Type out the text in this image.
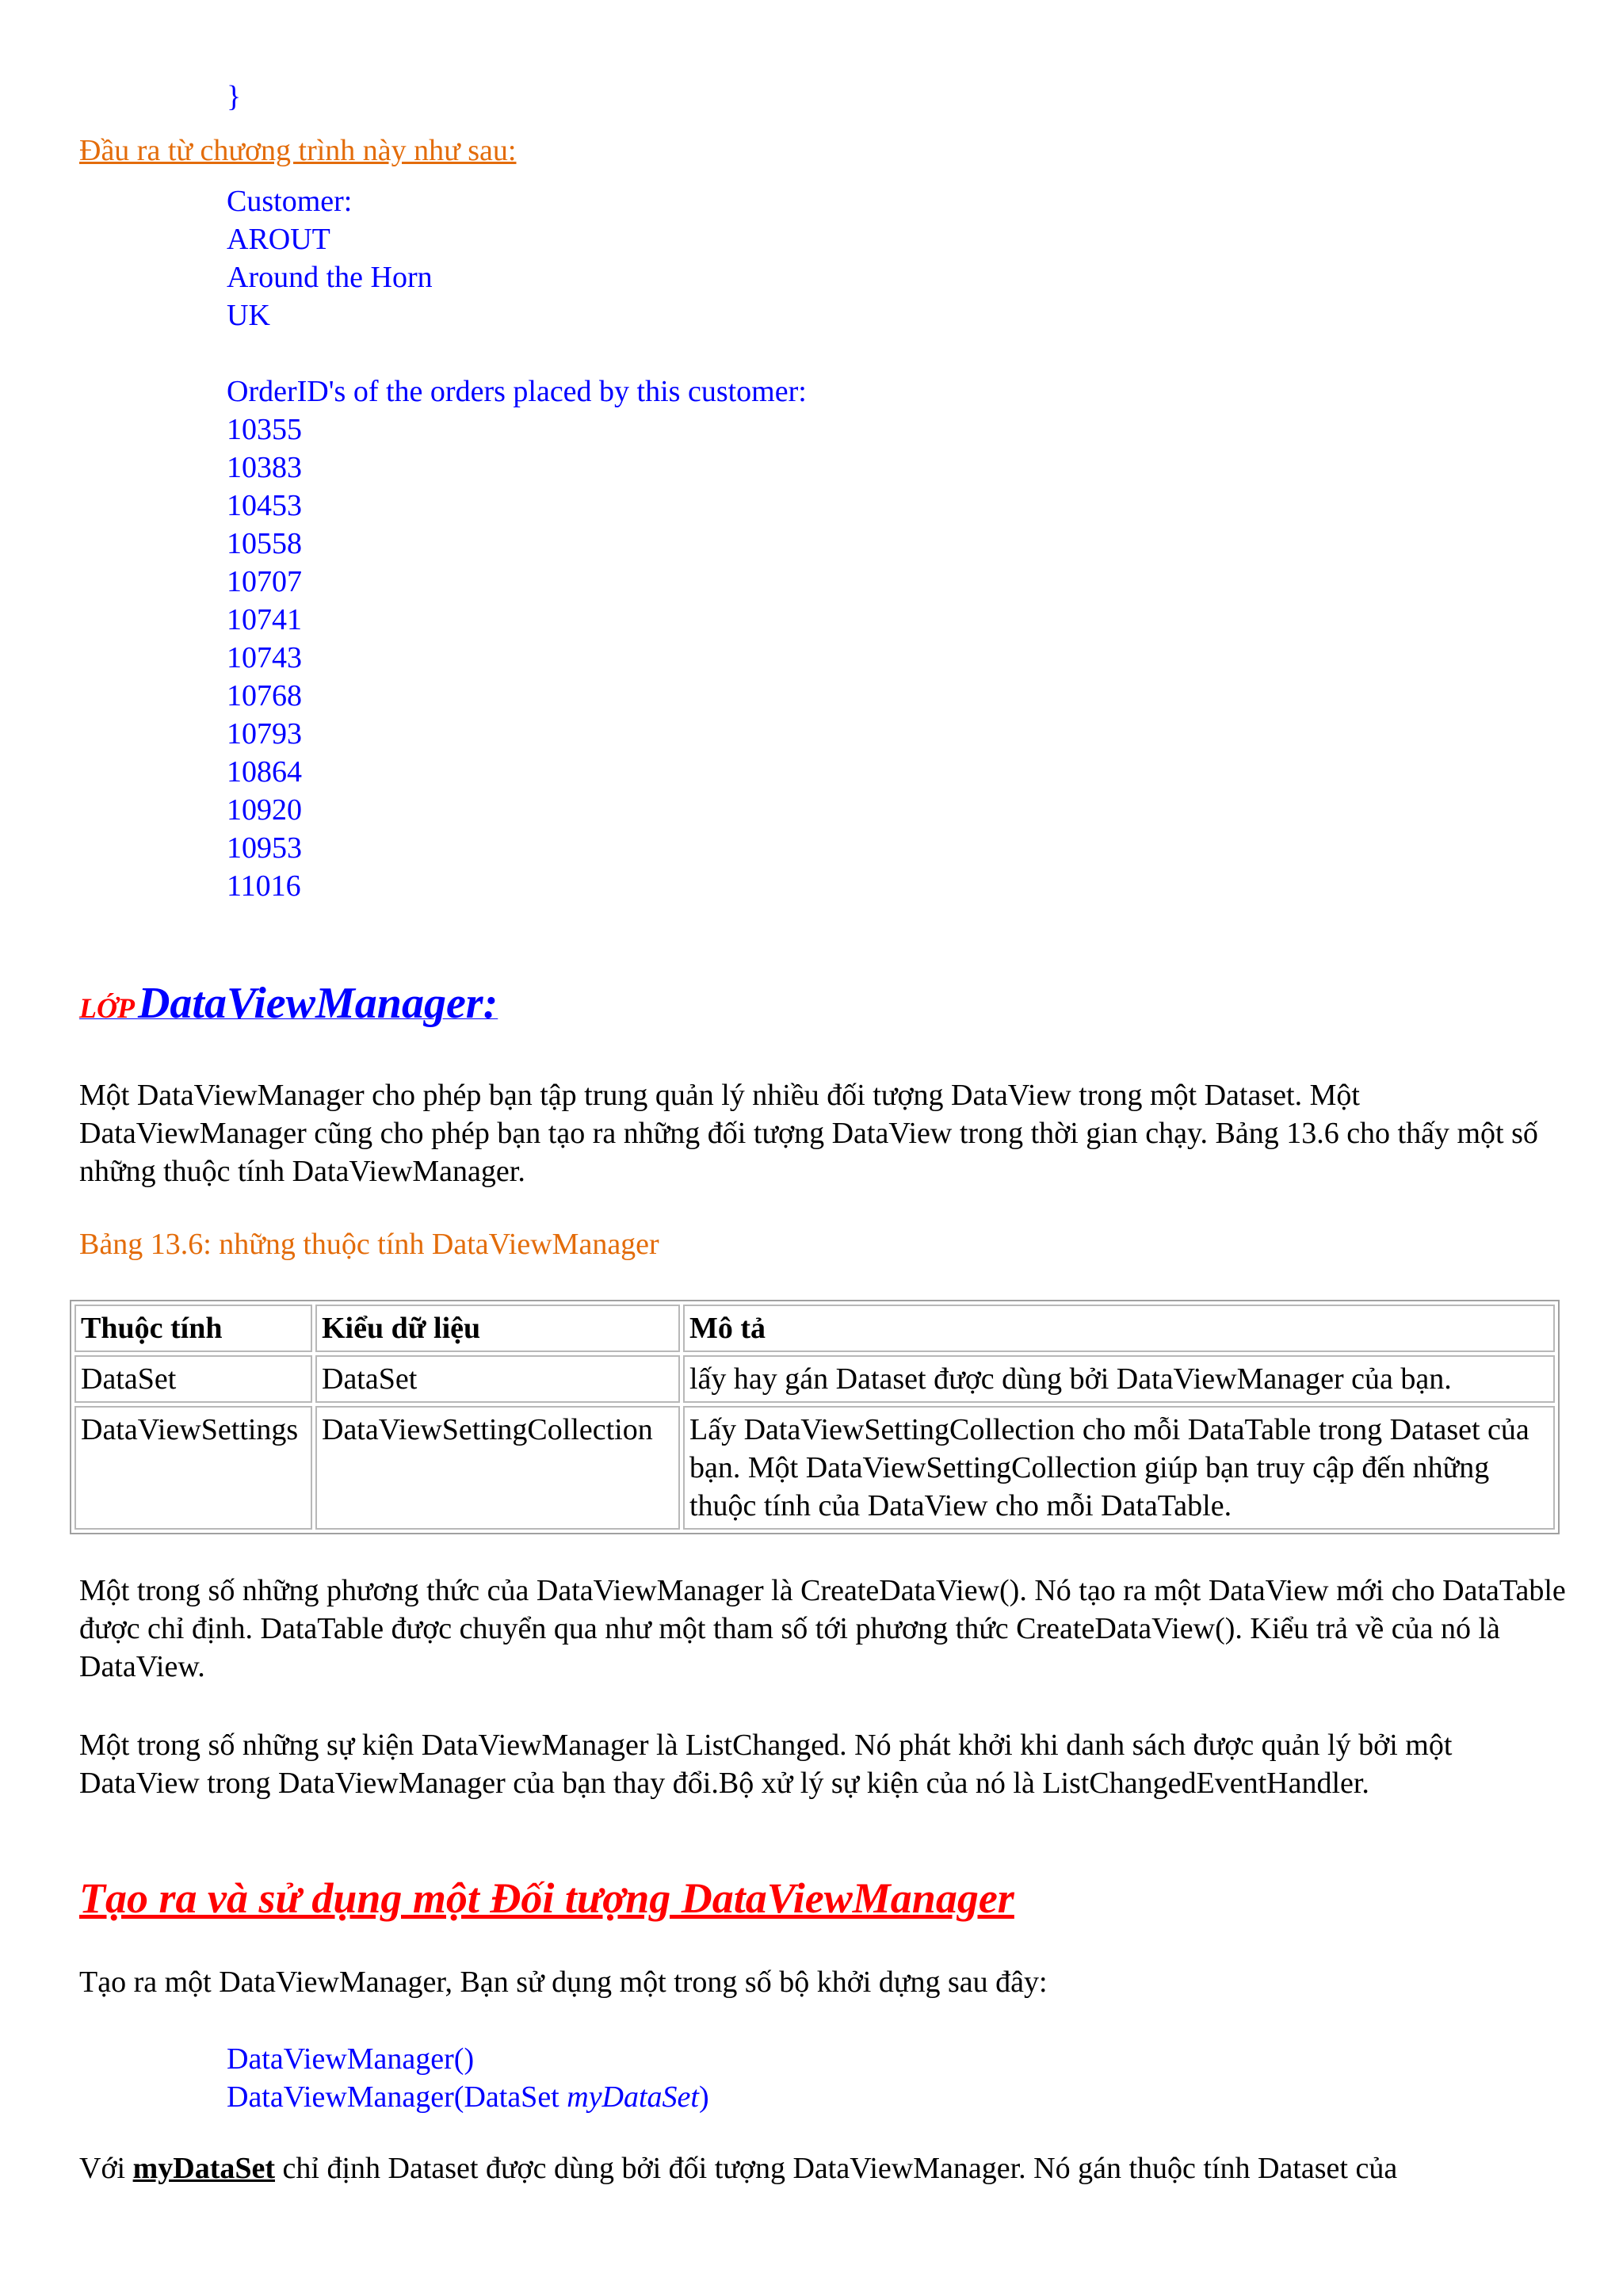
}
Đầu ra từ chương trình này như sau:
Customer:
AROUT
Around the Horn
UK
OrderID's of the orders placed by this customer:
10355
10383
10453
10558
10707
10741
10743
10768
10793
10864
10920
10953
11016
LỚP DataViewManager:

Một DataViewManager cho phép bạn tập trung quản lý nhiều đối tượng DataView trong một Dataset. Một DataViewManager cũng cho phép bạn tạo ra những đối tượng DataView trong thời gian chạy. Bảng 13.6 cho thấy một số những thuộc tính DataViewManager.

Bảng 13.6: những thuộc tính DataViewManager
Thuộc tính	Kiểu dữ liệu	Mô tả
DataSet	DataSet	lấy hay gán Dataset được dùng bởi DataViewManager của bạn.
DataViewSettings	DataViewSettingCollection	Lấy DataViewSettingCollection cho mỗi DataTable trong Dataset của bạn. Một DataViewSettingCollection giúp bạn truy cập đến những thuộc tính của DataView cho mỗi DataTable.

Một trong số những phương thức của DataViewManager là CreateDataView(). Nó tạo ra một DataView mới cho DataTable được chỉ định. DataTable được chuyển qua như một tham số tới phương thức CreateDataView(). Kiểu trả về của nó là DataView.

Một trong số những sự kiện DataViewManager là ListChanged. Nó phát khởi khi danh sách được quản lý bởi một DataView trong DataViewManager của bạn thay đổi.Bộ xử lý sự kiện của nó là ListChangedEventHandler.

Tạo ra và sử dụng một Đối tượng DataViewManager

Tạo ra một DataViewManager, Bạn sử dụng một trong số bộ khởi dựng sau đây:

DataViewManager()
DataViewManager(DataSet myDataSet)

Với myDataSet chỉ định Dataset được dùng bởi đối tượng DataViewManager. Nó gán thuộc tính Dataset của
